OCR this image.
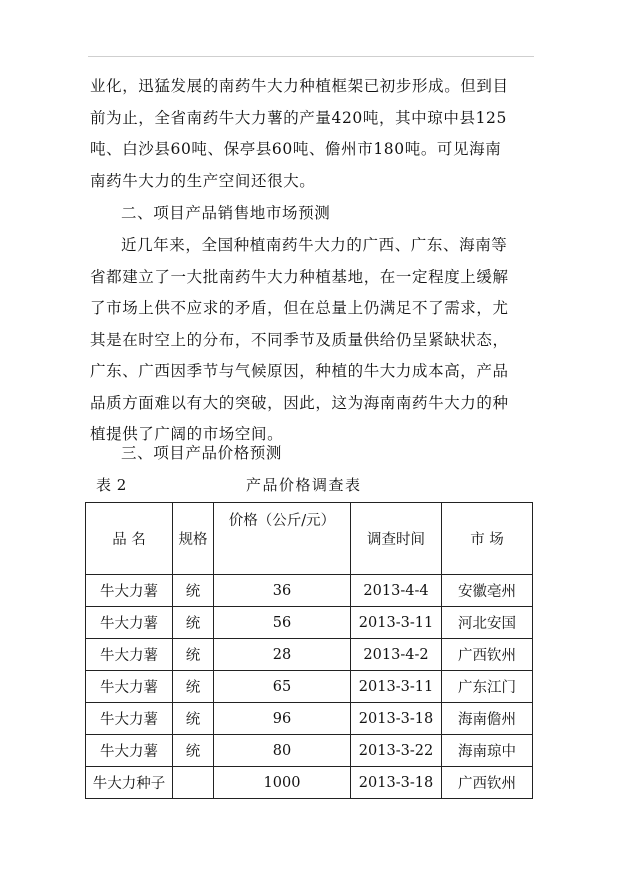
业化，迅猛发展的南药牛大力种植框架已初步形成。但到目
前为止，全省南药牛大力薯的产量420吨，其中琼中县125
吨、白沙县60吨、保亭县60吨、儋州市180吨。可见海南
南药牛大力的生产空间还很大。
二、项目产品销售地市场预测
近几年来，全国种植南药牛大力的广西、广东、海南等
省都建立了一大批南药牛大力种植基地，在一定程度上缓解
了市场上供不应求的矛盾，但在总量上仍满足不了需求，尤
其是在时空上的分布，不同季节及质量供给仍呈紧缺状态，
广东、广西因季节与气候原因，种植的牛大力成本高，产品
品质方面难以有大的突破，因此，这为海南南药牛大力的种
植提供了广阔的市场空间。
三、项目产品价格预测
表 2	产品价格调查表
品 名	规格	价格（公斤/元）	调查时间	市 场
牛大力薯	统	36	2013-4-4	安徽亳州
牛大力薯	统	56	2013-3-11	河北安国
牛大力薯	统	28	2013-4-2	广西钦州
牛大力薯	统	65	2013-3-11	广东江门
牛大力薯	统	96	2013-3-18	海南儋州
牛大力薯	统	80	2013-3-22	海南琼中
牛大力种子		1000	2013-3-18	广西钦州
